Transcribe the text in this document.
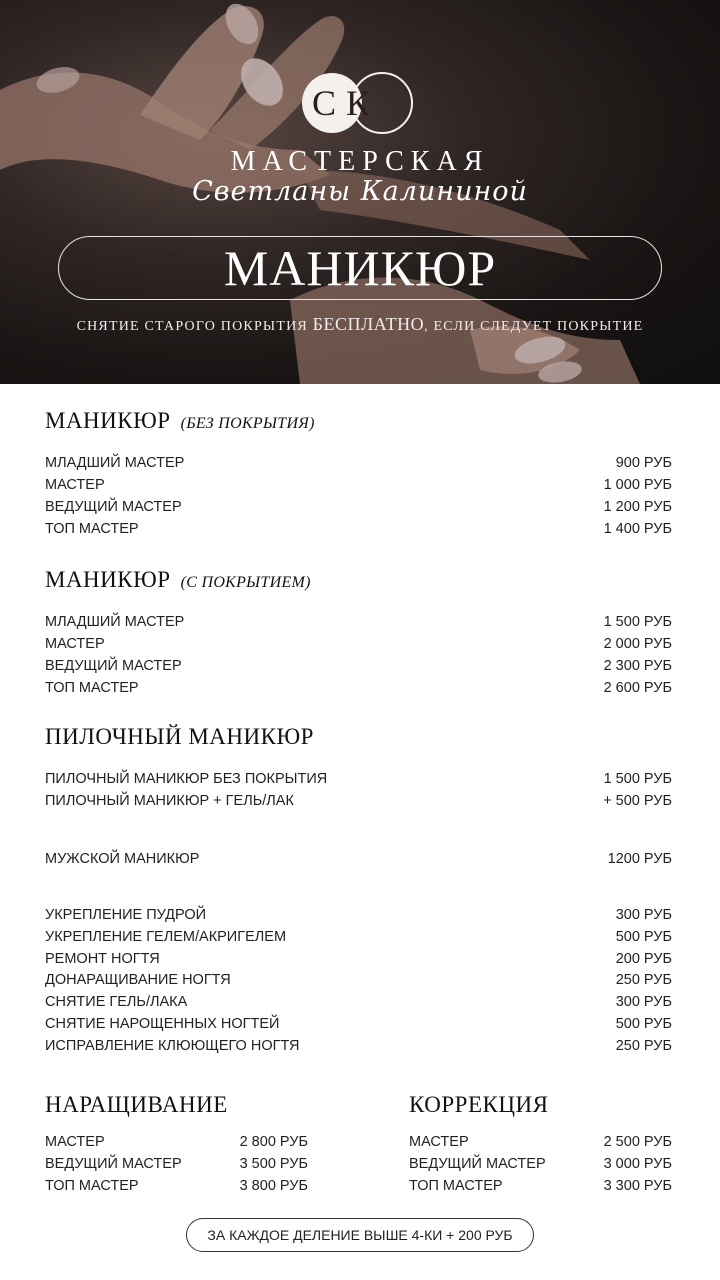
СК
МАСТЕРСКАЯ
Светланы Калининой
МАНИКЮР
СНЯТИЕ СТАРОГО ПОКРЫТИЯ БЕСПЛАТНО, ЕСЛИ СЛЕДУЕТ ПОКРЫТИЕ
МАНИКЮР (БЕЗ ПОКРЫТИЯ)
МЛАДШИЙ МАСТЕР	900 РУБ
МАСТЕР	1 000 РУБ
ВЕДУЩИЙ МАСТЕР	1 200 РУБ
ТОП МАСТЕР	1 400 РУБ
МАНИКЮР (С ПОКРЫТИЕМ)
МЛАДШИЙ МАСТЕР	1 500 РУБ
МАСТЕР	2 000 РУБ
ВЕДУЩИЙ МАСТЕР	2 300 РУБ
ТОП МАСТЕР	2 600 РУБ
ПИЛОЧНЫЙ МАНИКЮР
ПИЛОЧНЫЙ МАНИКЮР БЕЗ ПОКРЫТИЯ	1 500 РУБ
ПИЛОЧНЫЙ МАНИКЮР + ГЕЛЬ/ЛАК	+ 500 РУБ
МУЖСКОЙ МАНИКЮР	1200 РУБ
УКРЕПЛЕНИЕ ПУДРОЙ	300 РУБ
УКРЕПЛЕНИЕ ГЕЛЕМ/АКРИГЕЛЕМ	500 РУБ
РЕМОНТ НОГТЯ	200 РУБ
ДОНАРАЩИВАНИЕ НОГТЯ	250 РУБ
СНЯТИЕ ГЕЛЬ/ЛАКА	300 РУБ
СНЯТИЕ НАРОЩЕННЫХ НОГТЕЙ	500 РУБ
ИСПРАВЛЕНИЕ КЛЮЮЩЕГО НОГТЯ	250 РУБ
НАРАЩИВАНИЕ
МАСТЕР	2 800 РУБ
ВЕДУЩИЙ МАСТЕР	3 500 РУБ
ТОП МАСТЕР	3 800 РУБ
КОРРЕКЦИЯ
МАСТЕР	2 500 РУБ
ВЕДУЩИЙ МАСТЕР	3 000 РУБ
ТОП МАСТЕР	3 300 РУБ
ЗА КАЖДОЕ ДЕЛЕНИЕ ВЫШЕ 4-КИ + 200 РУБ
